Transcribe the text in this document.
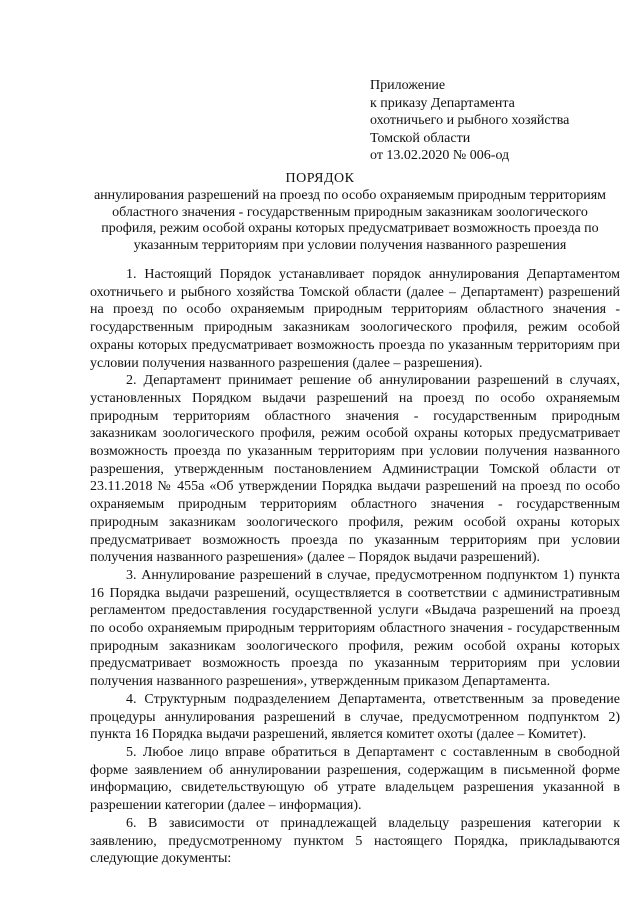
Приложение
к приказу Департамента
охотничьего и рыбного хозяйства
Томской области
от 13.02.2020 № 006-од
ПОРЯДОК
аннулирования разрешений на проезд по особо охраняемым природным территориям
областного значения - государственным природным заказникам зоологического
профиля, режим особой охраны которых предусматривает возможность проезда по
указанным территориям при условии получения названного разрешения

1. Настоящий Порядок устанавливает порядок аннулирования Департаментом охотничьего и рыбного хозяйства Томской области (далее – Департамент) разрешений на проезд по особо охраняемым природным территориям областного значения - государственным природным заказникам зоологического профиля, режим особой охраны которых предусматривает возможность проезда по указанным территориям при условии получения названного разрешения (далее – разрешения).

2. Департамент принимает решение об аннулировании разрешений в случаях, установленных Порядком выдачи разрешений на проезд по особо охраняемым природным территориям областного значения - государственным природным заказникам зоологического профиля, режим особой охраны которых предусматривает возможность проезда по указанным территориям при условии получения названного разрешения, утвержденным постановлением Администрации Томской области от 23.11.2018 № 455а «Об утверждении Порядка выдачи разрешений на проезд по особо охраняемым природным территориям областного значения - государственным природным заказникам зоологического профиля, режим особой охраны которых предусматривает возможность проезда по указанным территориям при условии получения названного разрешения» (далее – Порядок выдачи разрешений).

3. Аннулирование разрешений в случае, предусмотренном подпунктом 1) пункта 16 Порядка выдачи разрешений, осуществляется в соответствии с административным регламентом предоставления государственной услуги «Выдача разрешений на проезд по особо охраняемым природным территориям областного значения - государственным природным заказникам зоологического профиля, режим особой охраны которых предусматривает возможность проезда по указанным территориям при условии получения названного разрешения», утвержденным приказом Департамента.

4. Структурным подразделением Департамента, ответственным за проведение процедуры аннулирования разрешений в случае, предусмотренном подпунктом 2) пункта 16 Порядка выдачи разрешений, является комитет охоты (далее – Комитет).

5. Любое лицо вправе обратиться в Департамент с составленным в свободной форме заявлением об аннулировании разрешения, содержащим в письменной форме информацию, свидетельствующую об утрате владельцем разрешения указанной в разрешении категории (далее – информация).

6. В зависимости от принадлежащей владельцу разрешения категории к заявлению, предусмотренному пунктом 5 настоящего Порядка, прикладываются следующие документы:
